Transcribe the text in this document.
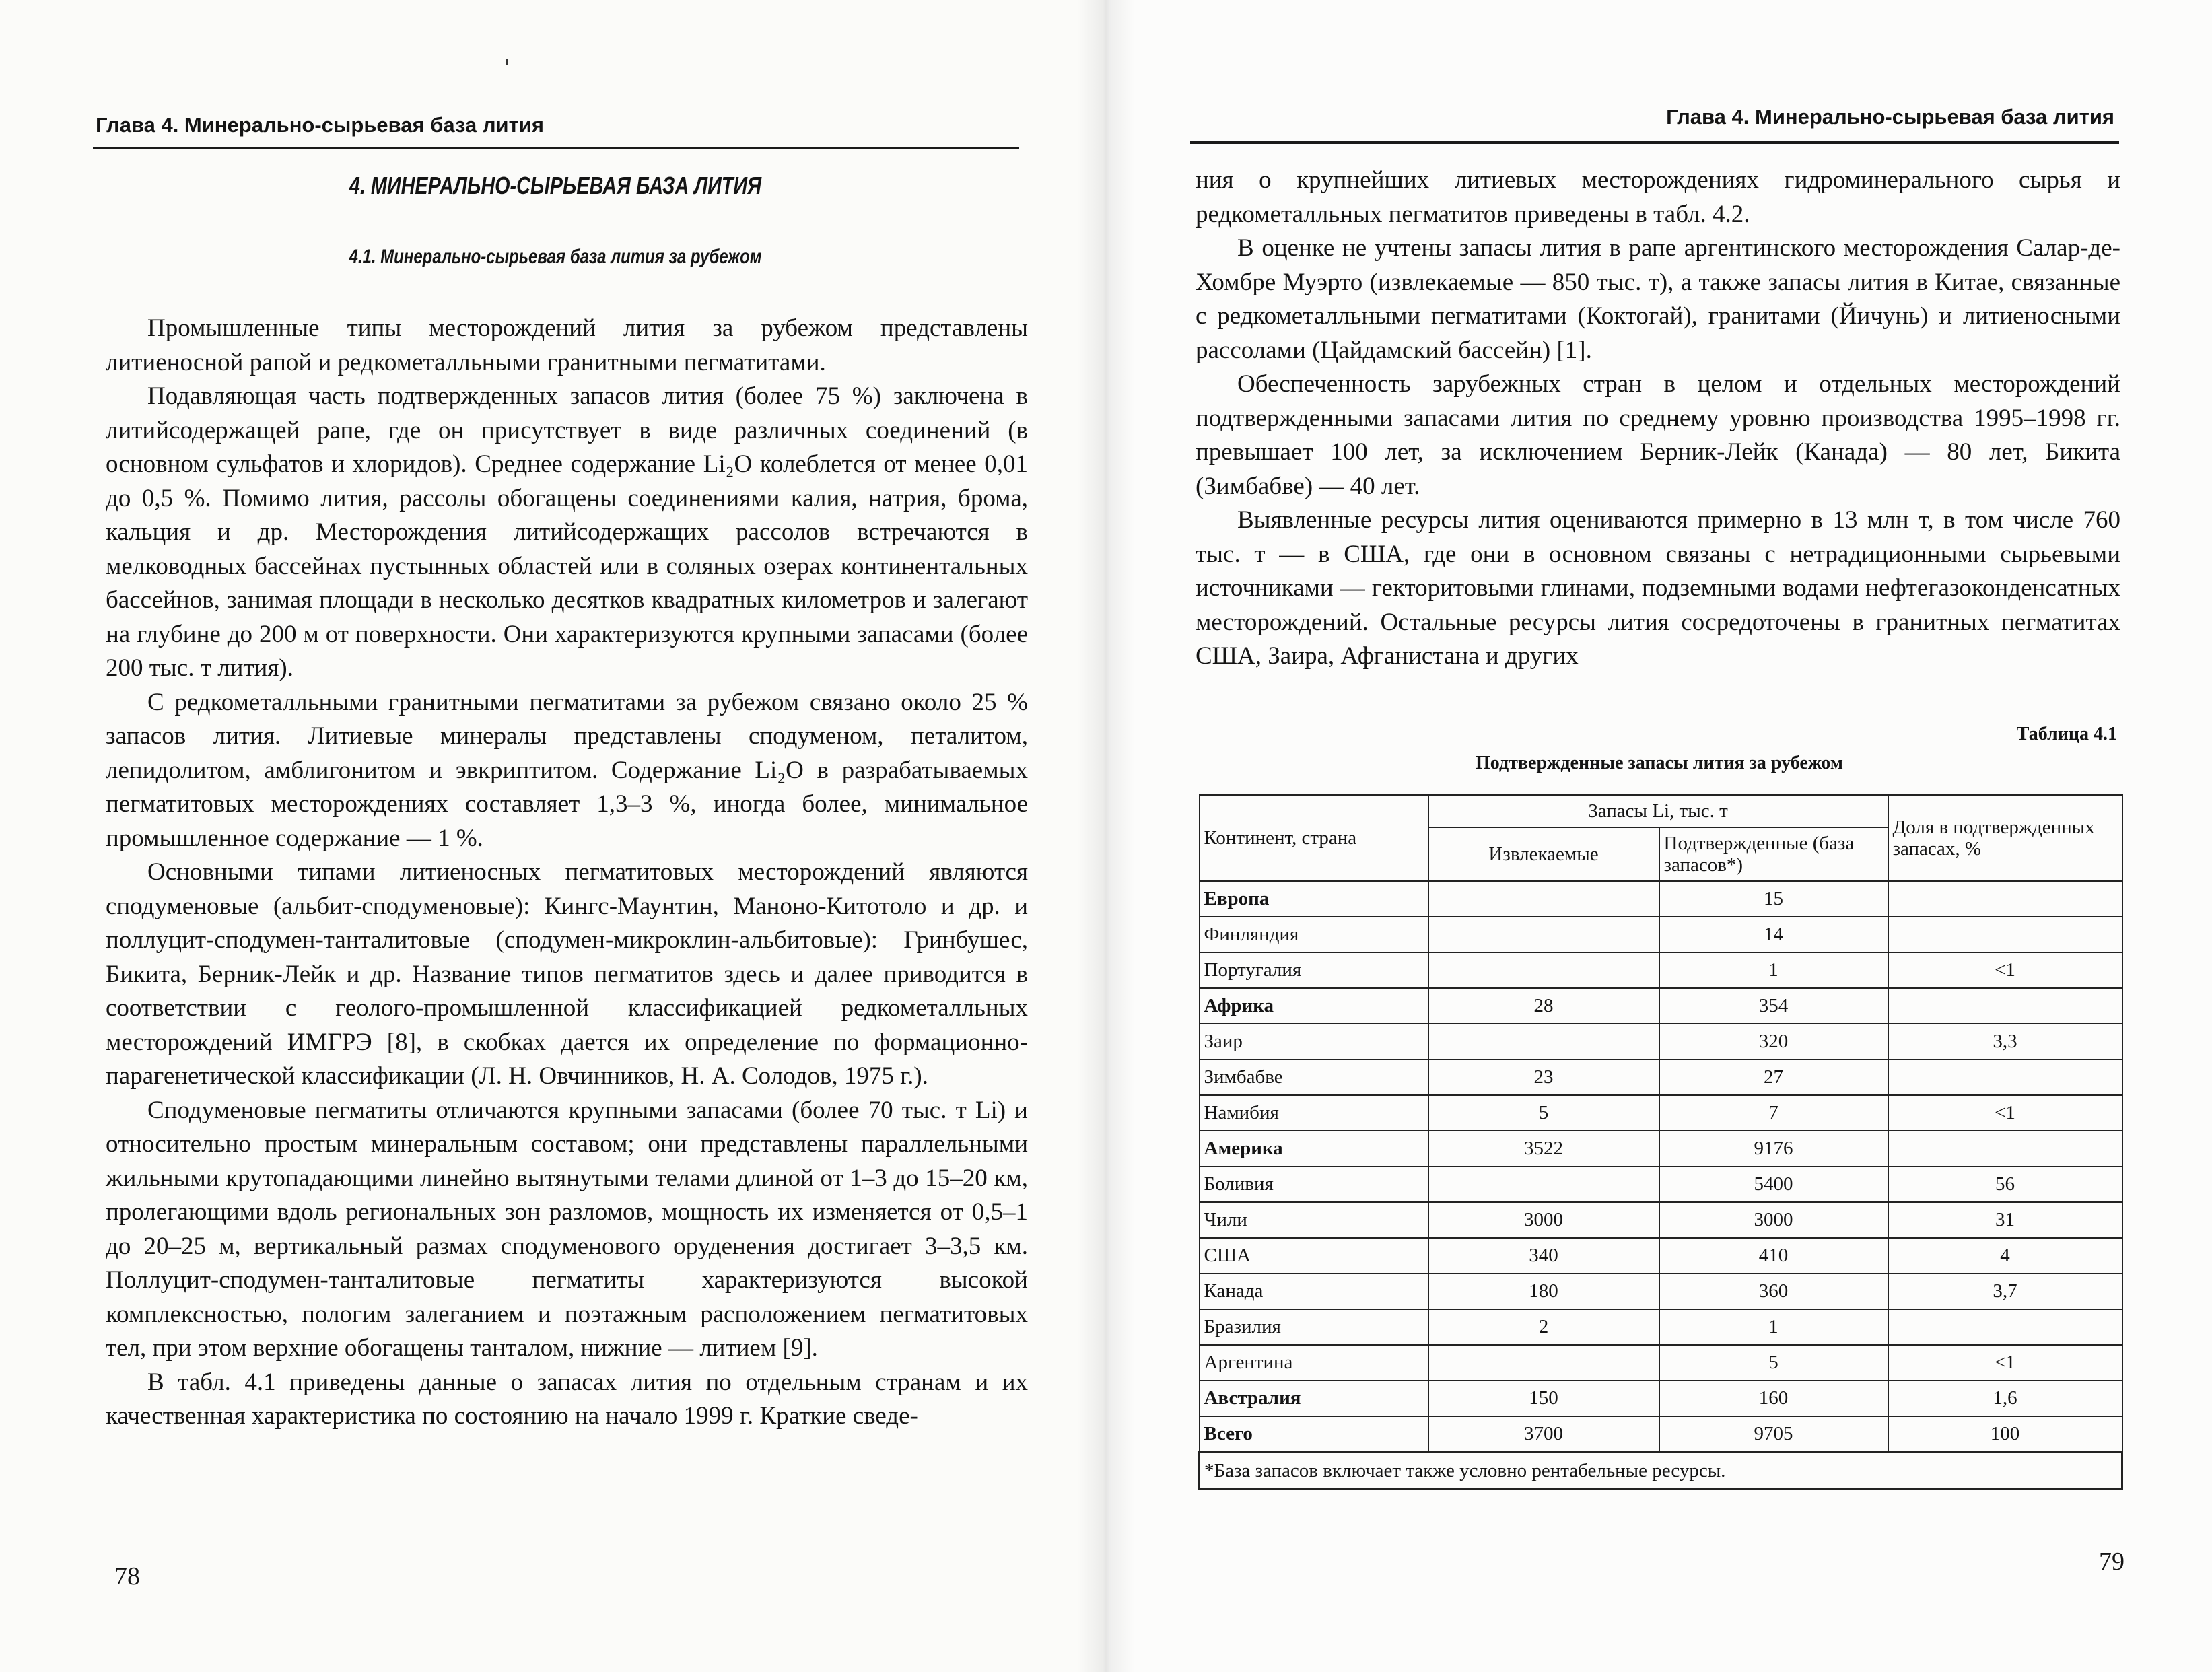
Глава 4. Минерально-сырьевая база лития
4. МИНЕРАЛЬНО-СЫРЬЕВАЯ БАЗА ЛИТИЯ
4.1. Минерально-сырьевая база лития за рубежом

Промышленные типы месторождений лития за рубежом представлены литиеносной рапой и редкометалльными гранитными пегматитами.

Подавляющая часть подтвержденных запасов лития (более 75 %) заключена в литийсодержащей рапе, где он присутствует в виде различных соединений (в основном сульфатов и хлоридов). Среднее содержание Li₂O колеблется от менее 0,01 до 0,5 %. Помимо лития, рассолы обогащены соединениями калия, натрия, брома, кальция и др. Месторождения литийсодержащих рассолов встречаются в мелководных бассейнах пустынных областей или в соляных озерах континентальных бассейнов, занимая площади в несколько десятков квадратных километров и залегают на глубине до 200 м от поверхности. Они характеризуются крупными запасами (более 200 тыс. т лития).

С редкометалльными гранитными пегматитами за рубежом связано около 25 % запасов лития. Литиевые минералы представлены сподуменом, петалитом, лепидолитом, амблигонитом и эвкриптитом. Содержание Li₂O в разрабатываемых пегматитовых месторождениях составляет 1,3–3 %, иногда более, минимальное промышленное содержание — 1 %.

Основными типами литиеносных пегматитовых месторождений являются сподуменовые (альбит-сподуменовые): Кингс-Маунтин, Маноно-Китотоло и др. и поллуцит-сподумен-танталитовые (сподумен-микроклин-альбитовые): Гринбушес, Бикита, Берник-Лейк и др. Название типов пегматитов здесь и далее приводится в соответствии с геолого-промышленной классификацией редкометалльных месторождений ИМГРЭ [8], в скобках дается их определение по формационно-парагенетической классификации (Л. Н. Овчинников, Н. А. Солодов, 1975 г.).

Сподуменовые пегматиты отличаются крупными запасами (более 70 тыс. т Li) и относительно простым минеральным составом; они представлены параллельными жильными крутопадающими линейно вытянутыми телами длиной от 1–3 до 15–20 км, пролегающими вдоль региональных зон разломов, мощность их изменяется от 0,5–1 до 20–25 м, вертикальный размах сподуменового оруденения достигает 3–3,5 км. Поллуцит-сподумен-танталитовые пегматиты характеризуются высокой комплексностью, пологим залеганием и поэтажным расположением пегматитовых тел, при этом верхние обогащены танталом, нижние — литием [9].

В табл. 4.1 приведены данные о запасах лития по отдельным странам и их качественная характеристика по состоянию на начало 1999 г. Краткие сведе-

78
Глава 4. Минерально-сырьевая база лития
79

ния о крупнейших литиевых месторождениях гидроминерального сырья и редкометалльных пегматитов приведены в табл. 4.2.

В оценке не учтены запасы лития в рапе аргентинского месторождения Салар-де-Хомбре Муэрто (извлекаемые — 850 тыс. т), а также запасы лития в Китае, связанные с редкометалльными пегматитами (Коктогай), гранитами (Йичунь) и литиеносными рассолами (Цайдамский бассейн) [1].

Обеспеченность зарубежных стран в целом и отдельных месторождений подтвержденными запасами лития по среднему уровню производства 1995–1998 гг. превышает 100 лет, за исключением Берник-Лейк (Канада) — 80 лет, Бикита (Зимбабве) — 40 лет.

Выявленные ресурсы лития оцениваются примерно в 13 млн т, в том числе 760 тыс. т — в США, где они в основном связаны с нетрадиционными сырьевыми источниками — гекторитовыми глинами, подземными водами нефтегазоконденсатных месторождений. Остальные ресурсы лития сосредоточены в гранитных пегматитах США, Заира, Афганистана и других

Таблица 4.1
Подтвержденные запасы лития за рубежом
Континент, страна	Запасы Li, тыс. т		Доля в подтвержденных запасах, %
	Извлекаемые	Подтвержденные (база запасов*)	
Европа		15	
Финляндия		14	
Португалия		1	<1
Африка	28	354	
Заир		320	3,3
Зимбабве	23	27	
Намибия	5	7	<1
Америка	3522	9176	
Боливия		5400	56
Чили	3000	3000	31
США	340	410	4
Канада	180	360	3,7
Бразилия	2	1	
Аргентина		5	<1
Австралия	150	160	1,6
Всего	3700	9705	100
*База запасов включает также условно рентабельные ресурсы.			
